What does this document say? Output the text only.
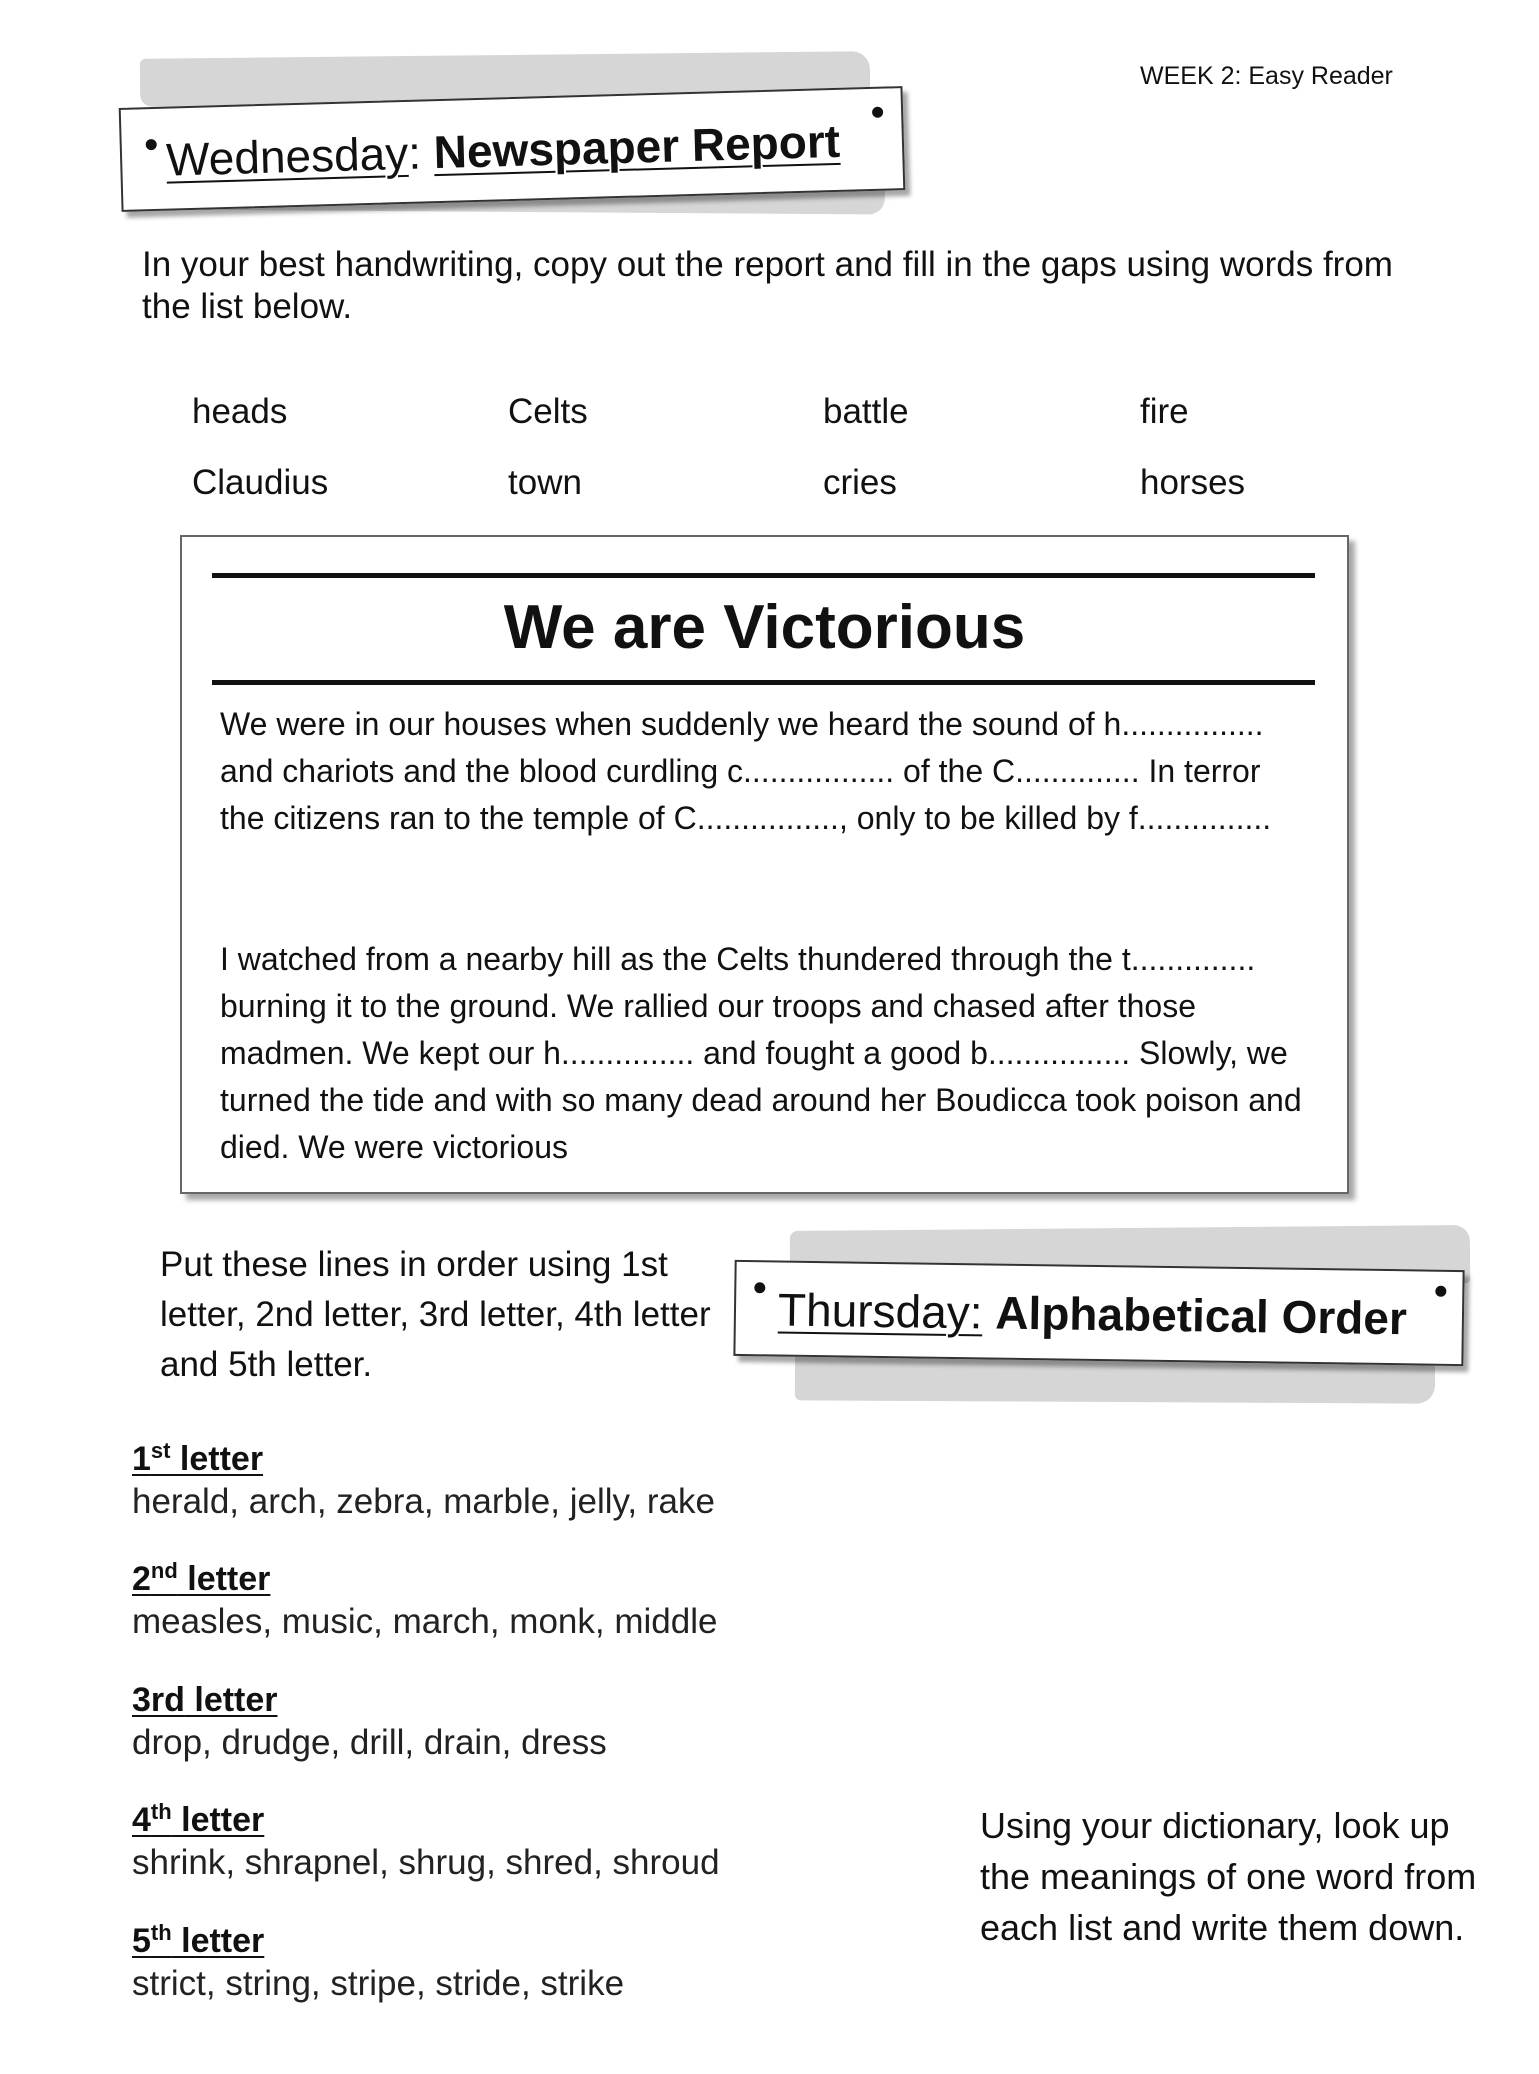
WEEK 2: Easy Reader
Wednesday: Newspaper Report
In your best handwriting, copy out the report and fill in the gaps using words from the list below.
heads	Celts	battle	fire
Claudius	town	cries	horses
We are Victorious

We were in our houses when suddenly we heard the sound of h................ and chariots and the blood curdling c................. of the C.............. In terror the citizens ran to the temple of C................, only to be killed by f...............

I watched from a nearby hill as the Celts thundered through the t.............. burning it to the ground. We rallied our troops and chased after those madmen. We kept our h............... and fought a good b................ Slowly, we turned the tide and with so many dead around her Boudicca took poison and died. We were victorious

Put these lines in order using 1st letter, 2nd letter, 3rd letter, 4th letter and 5th letter.
Thursday: Alphabetical Order
1st letter
herald, arch, zebra, marble, jelly, rake
2nd letter
measles, music, march, monk, middle
3rd letter
drop, drudge, drill, drain, dress
4th letter
shrink, shrapnel, shrug, shred, shroud
5th letter
strict, string, stripe, stride, strike
Using your dictionary, look up the meanings of one word from each list and write them down.
